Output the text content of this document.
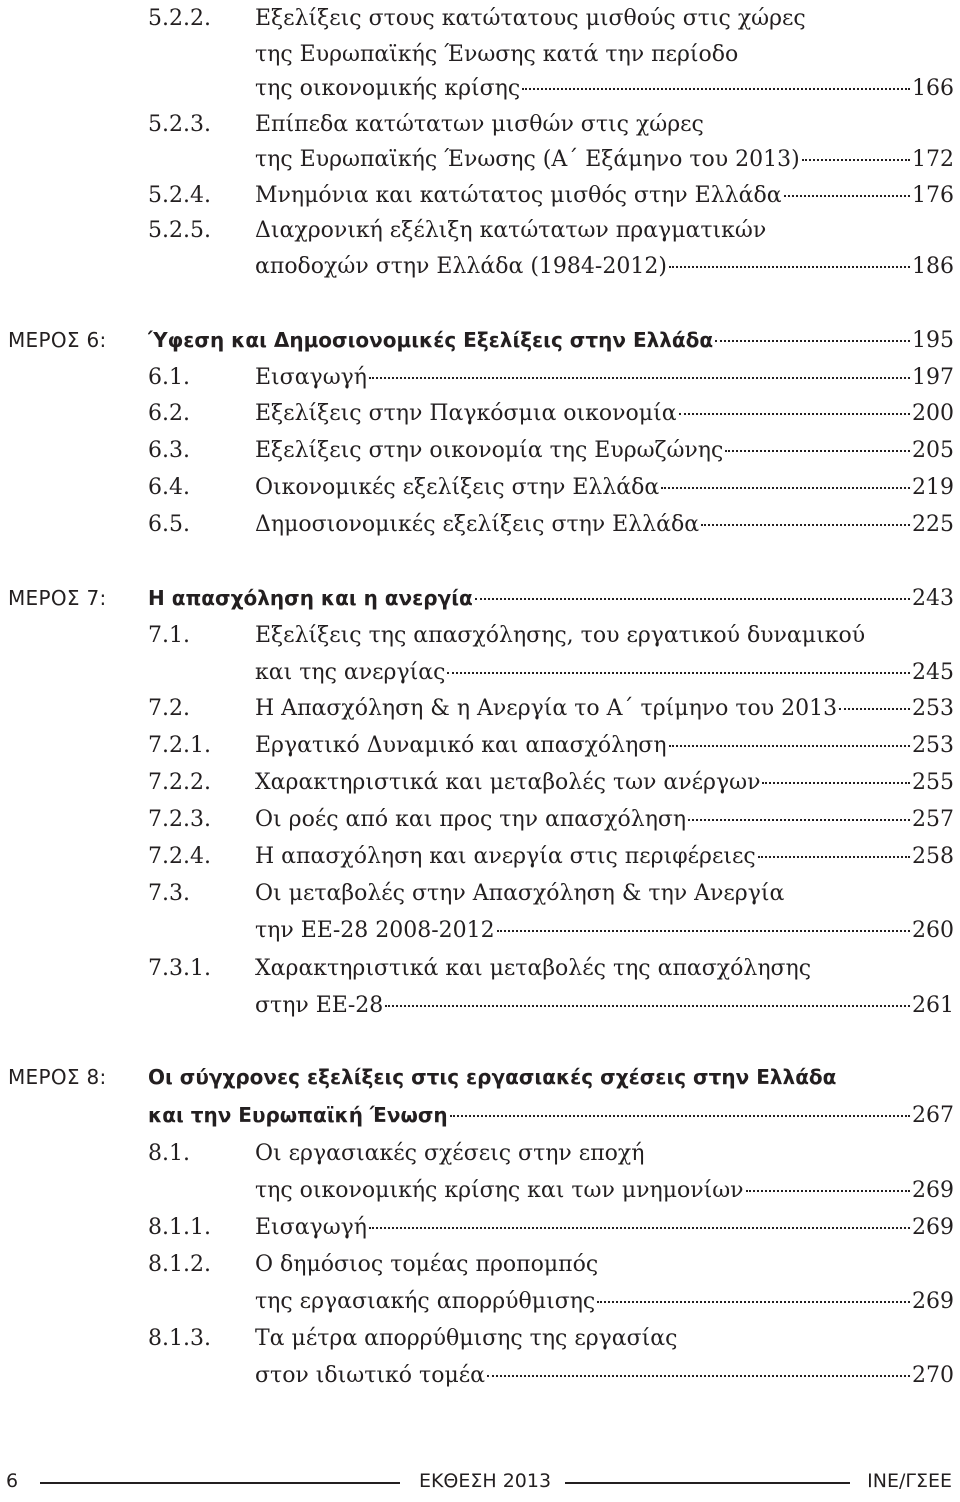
5.2.2. Εξελίξεις στους κατώτατους μισθούς στις χώρες
της Ευρωπαϊκής Ένωσης κατά την περίοδο
της οικονομικής κρίσης	166
5.2.3. Επίπεδα κατώτατων μισθών στις χώρες
της Ευρωπαϊκής Ένωσης (Α΄ Εξάμηνο του 2013)	172
5.2.4. Μνημόνια και κατώτατος μισθός στην Ελλάδα	176
5.2.5. Διαχρονική εξέλιξη κατώτατων πραγματικών
αποδοχών στην Ελλάδα (1984-2012)	186
ΜΕΡΟΣ 6: Ύφεση και Δημοσιονομικές Εξελίξεις στην Ελλάδα	195
6.1.	Εισαγωγή	197
6.2.	Εξελίξεις στην Παγκόσμια οικονομία	200
6.3.	Εξελίξεις στην οικονομία της Ευρωζώνης	205
6.4.	Οικονομικές εξελίξεις στην Ελλάδα	219
6.5.	Δημοσιονομικές εξελίξεις στην Ελλάδα	225
ΜΕΡΟΣ 7: Η απασχόληση και η ανεργία	243
7.1.	Εξελίξεις της απασχόλησης, του εργατικού δυναμικού
και της ανεργίας	245
7.2.	Η Απασχόληση & η Ανεργία το Α΄ τρίμηνο του 2013	253
7.2.1. Εργατικό Δυναμικό και απασχόληση	253
7.2.2. Χαρακτηριστικά και μεταβολές των ανέργων	255
7.2.3. Οι ροές από και προς την απασχόληση	257
7.2.4. Η απασχόληση και ανεργία στις περιφέρειες	258
7.3.	Οι μεταβολές στην Απασχόληση & την Ανεργία
την ΕΕ-28 2008-2012	260
7.3.1. Χαρακτηριστικά και μεταβολές της απασχόλησης
στην ΕΕ-28	261
ΜΕΡΟΣ 8: Οι σύγχρονες εξελίξεις στις εργασιακές σχέσεις στην Ελλάδα
και την Ευρωπαϊκή Ένωση	267
8.1.	Οι εργασιακές σχέσεις στην εποχή
της οικονομικής κρίσης και των μνημονίων	269
8.1.1. Εισαγωγή	269
8.1.2. Ο δημόσιος τομέας προπομπός
της εργασιακής απορρύθμισης	269
8.1.3. Τα μέτρα απορρύθμισης της εργασίας
στον ιδιωτικό τομέα	270
6	ΕΚΘΕΣΗ 2013	ΙΝΕ/ΓΣΕΕ
